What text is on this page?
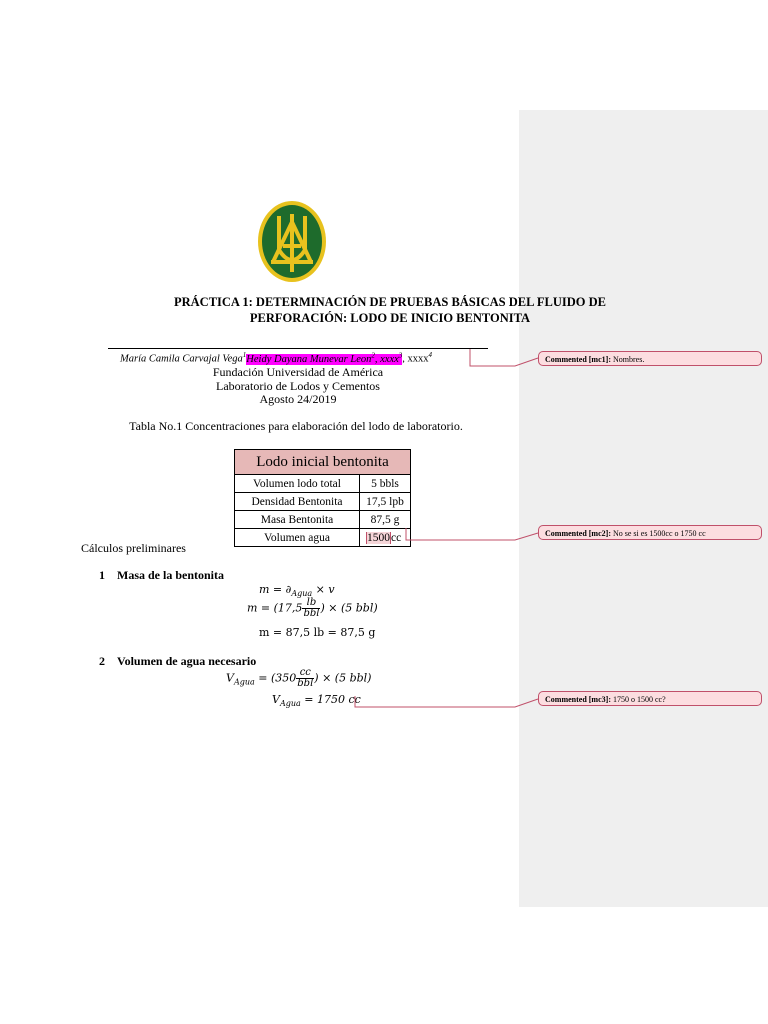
PRÁCTICA 1: DETERMINACIÓN DE PRUEBAS BÁSICAS DEL FLUIDO DE
PERFORACIÓN: LODO DE INICIO BENTONITA
María Camila Carvajal Vega$^1$Heidy Dayana Munevar Leon$^2$, xxxx$^3$, xxxx$^4$
Fundación Universidad de América
Laboratorio de Lodos y Cementos
Agosto 24/2019
Tabla No.1 Concentraciones para elaboración del lodo de laboratorio.
Lodo inicial bentonita	
Volumen lodo total	5 bbls
Densidad Bentonita	17,5 lpb
Masa Bentonita	87,5 g
Volumen agua	1500cc
Cálculos preliminares
1 Masa de la bentonita
$m = \partial_{Agua} \times v$
$m = (17,5 \frac{lb}{\text{bbl}}$ ) × (5 bbl)
m = 87,5 lb = 87,5 g
2 Volumen de agua necesario
$V_{Agua} = (350 \frac{cc}{\text{bbl}}$ ) × (5 bbl)
$V_{Agua} = 1750$ cc
Commented [mc1]: Nombres.
Commented [mc2]: No se si es 1500cc o 1750 cc
Commented [mc3]: 1750 o 1500 cc?
